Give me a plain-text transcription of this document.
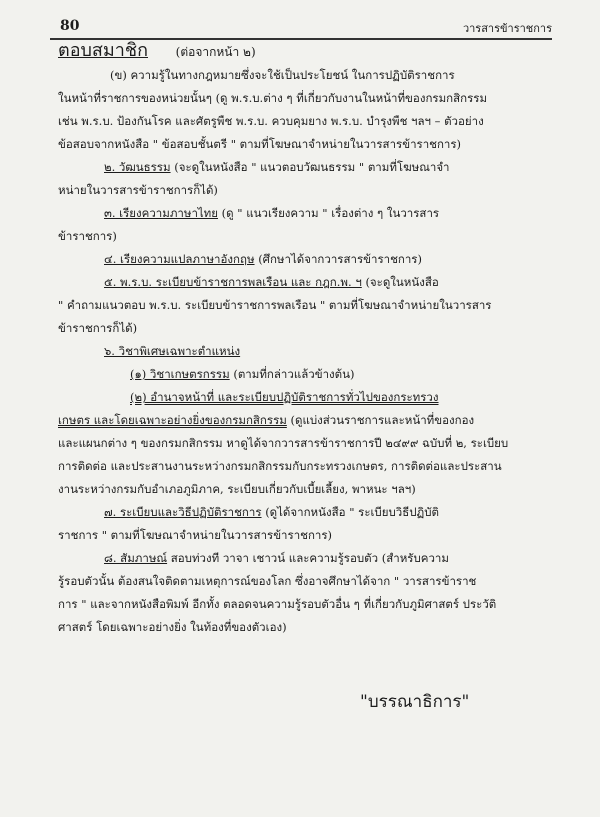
80	วารสารข้าราชการ
ตอบสมาชิก (ต่อจากหน้า ๒)
(ข) ความรู้ในทางกฎหมายซึ่งจะใช้เป็นประโยชน์ ในการปฏิบัติราชการ
ในหน้าที่ราชการของหน่วยนั้นๆ (ดู พ.ร.บ.ต่าง ๆ ที่เกี่ยวกับงานในหน้าที่ของกรมกสิกรรม
เช่น พ.ร.บ. ป้องกันโรค และศัตรูพืช พ.ร.บ. ควบคุมยาง พ.ร.บ. บำรุงพืช ฯลฯ – ตัวอย่าง
ข้อสอบจากหนังสือ " ข้อสอบชั้นตรี " ตามที่โฆษณาจำหน่ายในวารสารข้าราชการ)
๒. วัฒนธรรม (จะดูในหนังสือ " แนวตอบวัฒนธรรม " ตามที่โฆษณาจำ
หน่ายในวารสารข้าราชการก็ได้)
๓. เรียงความภาษาไทย (ดู " แนวเรียงความ " เรื่องต่าง ๆ ในวารสาร
ข้าราชการ)
๔. เรียงความแปลภาษาอังกฤษ (ศึกษาได้จากวารสารข้าราชการ)
๕. พ.ร.บ. ระเบียบข้าราชการพลเรือน และ กฎก.พ. ฯ (จะดูในหนังสือ
" คำถามแนวตอบ พ.ร.บ. ระเบียบข้าราชการพลเรือน " ตามที่โฆษณาจำหน่ายในวารสาร
ข้าราชการก็ได้)
๖. วิชาพิเศษเฉพาะตำแหน่ง
(๑) วิชาเกษตรกรรม (ตามที่กล่าวแล้วข้างต้น)
(๒) อำนาจหน้าที่ และระเบียบปฏิบัติราชการทั่วไปของกระทรวง
เกษตร และโดยเฉพาะอย่างยิ่งของกรมกสิกรรม (ดูแบ่งส่วนราชการและหน้าที่ของกอง
และแผนกต่าง ๆ ของกรมกสิกรรม หาดูได้จากวารสารข้าราชการปี ๒๔๙๙ ฉบับที่ ๒, ระเบียบ
การติดต่อ และประสานงานระหว่างกรมกสิกรรมกับกระทรวงเกษตร, การติดต่อและประสาน
งานระหว่างกรมกับอำเภอภูมิภาค, ระเบียบเกี่ยวกับเบี้ยเลี้ยง, พาหนะ ฯลฯ)
๗. ระเบียบและวิธีปฏิบัติราชการ (ดูได้จากหนังสือ " ระเบียบวิธีปฏิบัติ
ราชการ " ตามที่โฆษณาจำหน่ายในวารสารข้าราชการ)
๘. สัมภาษณ์ สอบท่วงที วาจา เชาวน์ และความรู้รอบตัว (สำหรับความ
รู้รอบตัวนั้น ต้องสนใจติดตามเหตุการณ์ของโลก ซึ่งอาจศึกษาได้จาก " วารสารข้าราช
การ " และจากหนังสือพิมพ์ อีกทั้ง ตลอดจนความรู้รอบตัวอื่น ๆ ที่เกี่ยวกับภูมิศาสตร์ ประวัติ
ศาสตร์ โดยเฉพาะอย่างยิ่ง ในท้องที่ของตัวเอง)
"บรรณาธิการ"
